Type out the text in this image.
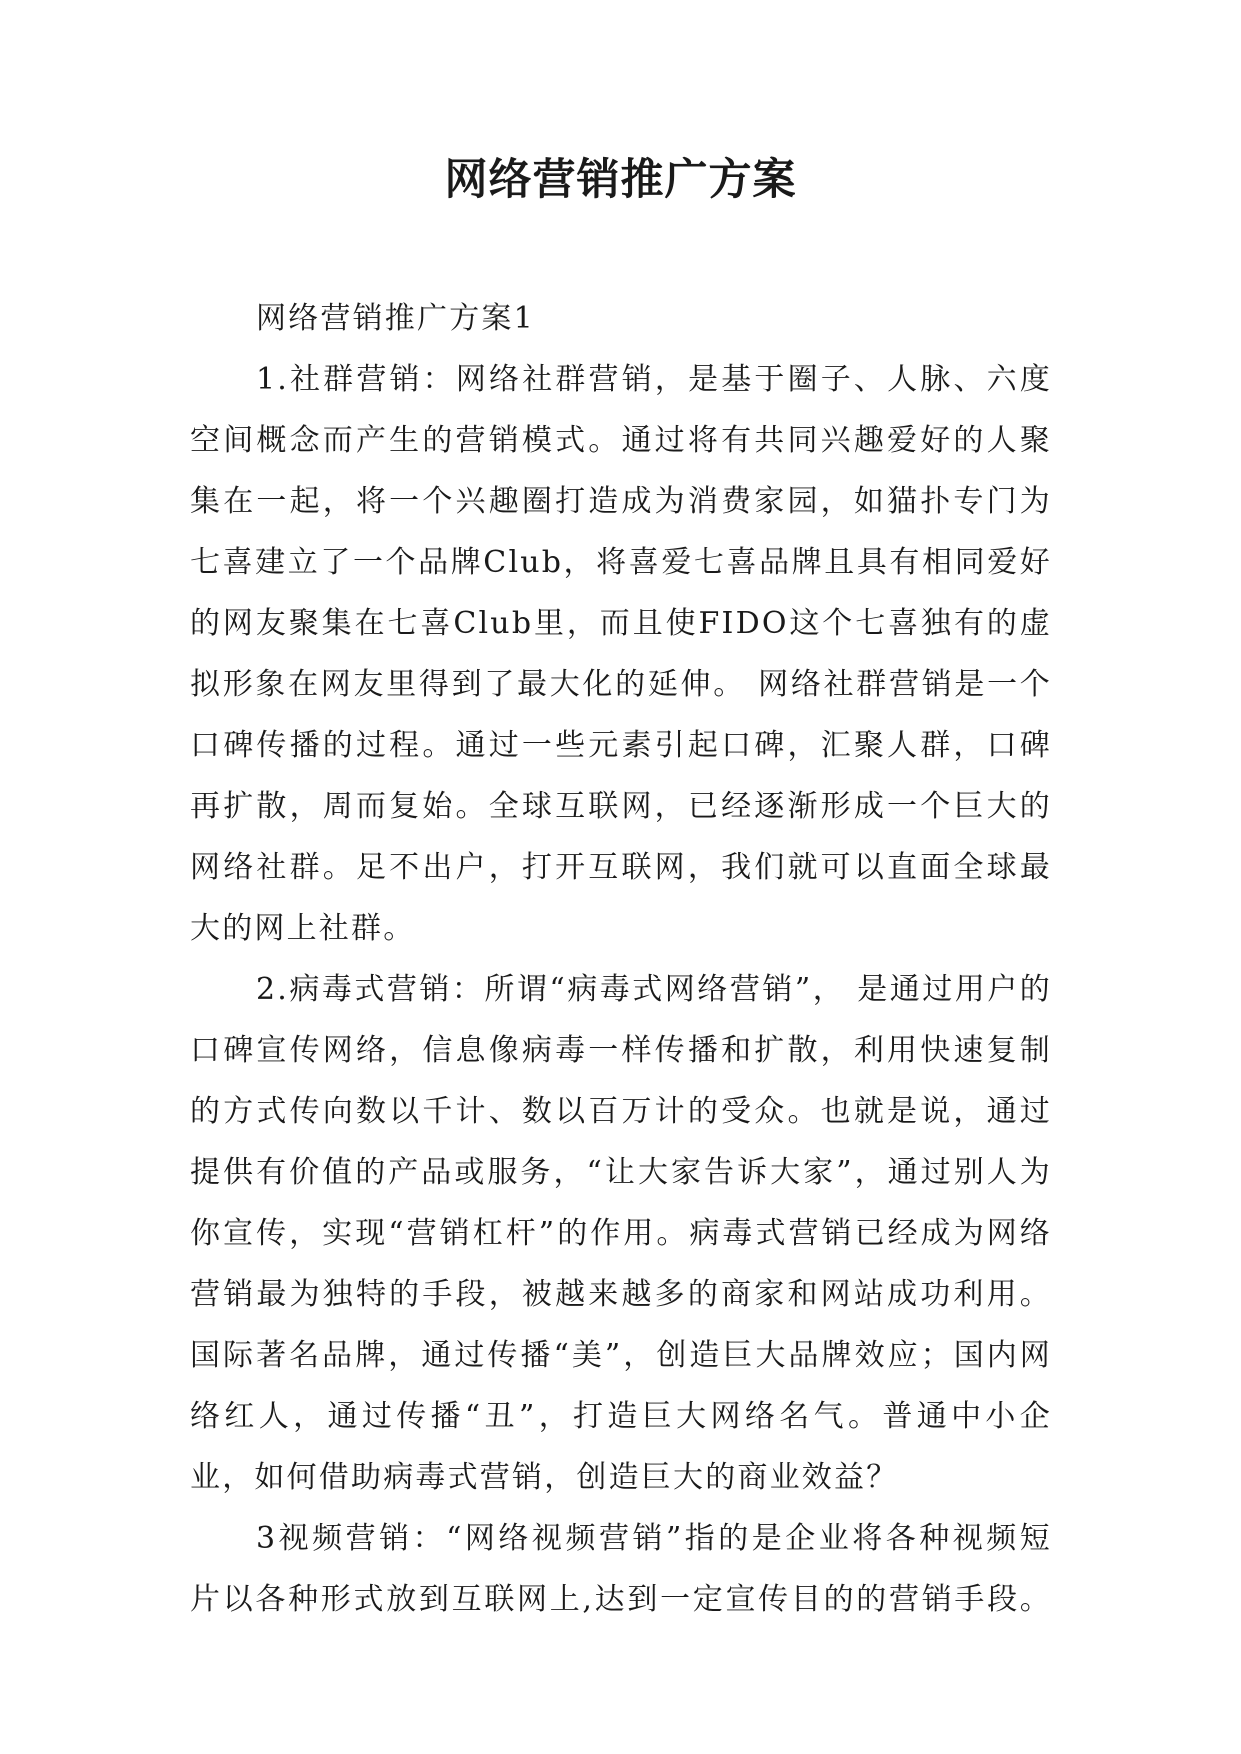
网络营销推广方案

网络营销推广方案1

1.社群营销：网络社群营销，是基于圈子、人脉、六度空间概念而产生的营销模式。通过将有共同兴趣爱好的人聚集在一起，将一个兴趣圈打造成为消费家园，如猫扑专门为七喜建立了一个品牌Club，将喜爱七喜品牌且具有相同爱好的网友聚集在七喜Club里，而且使FIDO这个七喜独有的虚拟形象在网友里得到了最大化的延伸。 网络社群营销是一个口碑传播的过程。通过一些元素引起口碑，汇聚人群，口碑再扩散，周而复始。全球互联网，已经逐渐形成一个巨大的网络社群。足不出户，打开互联网，我们就可以直面全球最大的网上社群。

2.病毒式营销：所谓“病毒式网络营销”， 是通过用户的口碑宣传网络，信息像病毒一样传播和扩散，利用快速复制的方式传向数以千计、数以百万计的受众。也就是说，通过提供有价值的产品或服务，“让大家告诉大家”，通过别人为你宣传，实现“营销杠杆”的作用。病毒式营销已经成为网络营销最为独特的手段，被越来越多的商家和网站成功利用。国际著名品牌，通过传播“美”，创造巨大品牌效应；国内网络红人，通过传播“丑”，打造巨大网络名气。普通中小企业，如何借助病毒式营销，创造巨大的商业效益？

3视频营销：“网络视频营销”指的是企业将各种视频短片以各种形式放到互联网上,达到一定宣传目的的营销手段。
